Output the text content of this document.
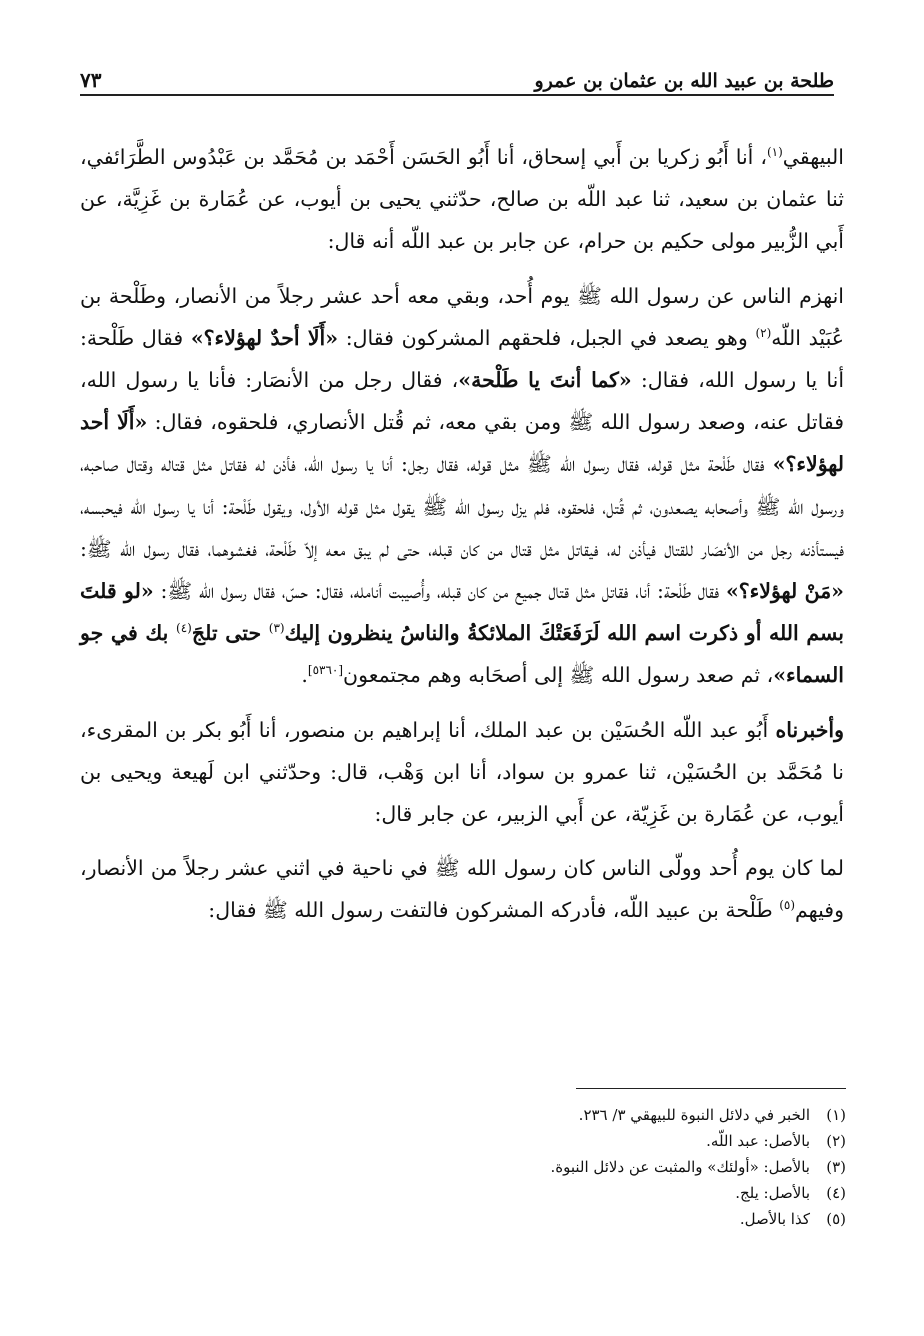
طلحة بن عبيد الله بن عثمان بن عمرو
٧٣

البيهقي$^{(١)}$، أنا أَبُو زكريا بن أَبي إسحاق، أنا أَبُو الحَسَن أَحْمَد بن مُحَمَّد بن عَبْدُوس الطَّرَائفي، ثنا عثمان بن سعيد، ثنا عبد اللّه بن صالح، حدّثني يحيى بن أيوب، عن عُمَارة بن غَزِيَّة، عن أَبي الزُّبير مولى حكيم بن حرام، عن جابر بن عبد اللّه أنه قال:

انهزم الناس عن رسول الله ﷺ يوم أُحد، وبقي معه أحد عشر رجلاً من الأنصار، وطَلْحة بن عُبَيْد اللّه$^{(٢)}$ وهو يصعد في الجبل، فلحقهم المشركون فقال: «أَلَا أحدٌ لهؤلاء؟» فقال طَلْحة: أنا يا رسول الله، فقال: «كما أنتَ يا طَلْحة»، فقال رجل من الأنصَار: فأنا يا رسول الله، فقاتل عنه، وصعد رسول الله ﷺ ومن بقي معه، ثم قُتل الأنصاري، فلحقوه، فقال: «أَلَا أحد لهؤلاء؟» فقال طَلْحة مثل قوله، فقال رسول الله ﷺ مثل قوله، فقال رجل: أنا يا رسول الله، فأذن له فقاتل مثل قتاله وقتال صاحبه، ورسول الله ﷺ وأصحابه يصعدون، ثم قُتل، فلحقوه، فلم يزل رسول الله ﷺ يقول مثل قوله الأول، ويقول طَلْحة: أنا يا رسول الله فيحبسه، فيستأذنه رجل من الأنصَار للقتال فيأذن له، فيقاتل مثل قتال من كان قبله، حتى لم يبق معه إلاّ طَلْحة، فغشوهما، فقال رسول الله ﷺ: «مَنْ لهؤلاء؟» فقال طَلْحة: أنا، فقاتل مثل قتال جميع من كان قبله، وأُصيبت أنامله، فقال: حسّ، فقال رسول الله ﷺ: «لو قلتَ بسم الله أو ذكرت اسم الله لَرَفَعَتْكَ الملائكةُ والناسُ ينظرون إليك$^{(٣)}$ حتى تلجَ$^{(٤)}$ بك في جو السماء»، ثم صعد رسول الله ﷺ إلى أصحَابه وهم مجتمعون[٥٣٦٠].

وأخبرناه أَبُو عبد اللّه الحُسَيْن بن عبد الملك، أنا إبراهيم بن منصور، أنا أَبُو بكر بن المقرىء، نا مُحَمَّد بن الحُسَيْن، ثنا عمرو بن سواد، أنا ابن وَهْب، قال: وحدّثني ابن لَهيعة ويحيى بن أيوب، عن عُمَارة بن غَزِيّة، عن أَبي الزبير، عن جابر قال:

لما كان يوم أُحد وولّى الناس كان رسول الله ﷺ في ناحية في اثني عشر رجلاً من الأنصار، وفيهم$^{(٥)}$ طَلْحة بن عبيد اللّه، فأدركه المشركون فالتفت رسول الله ﷺ فقال:

(١)
الخبر في دلائل النبوة للبيهقي ٣/ ٢٣٦.
(٢)
بالأصل: عبد اللّه.
(٣)
بالأصل: «أولئك» والمثبت عن دلائل النبوة.
(٤)
بالأصل: يلج.
(٥)
كذا بالأصل.
